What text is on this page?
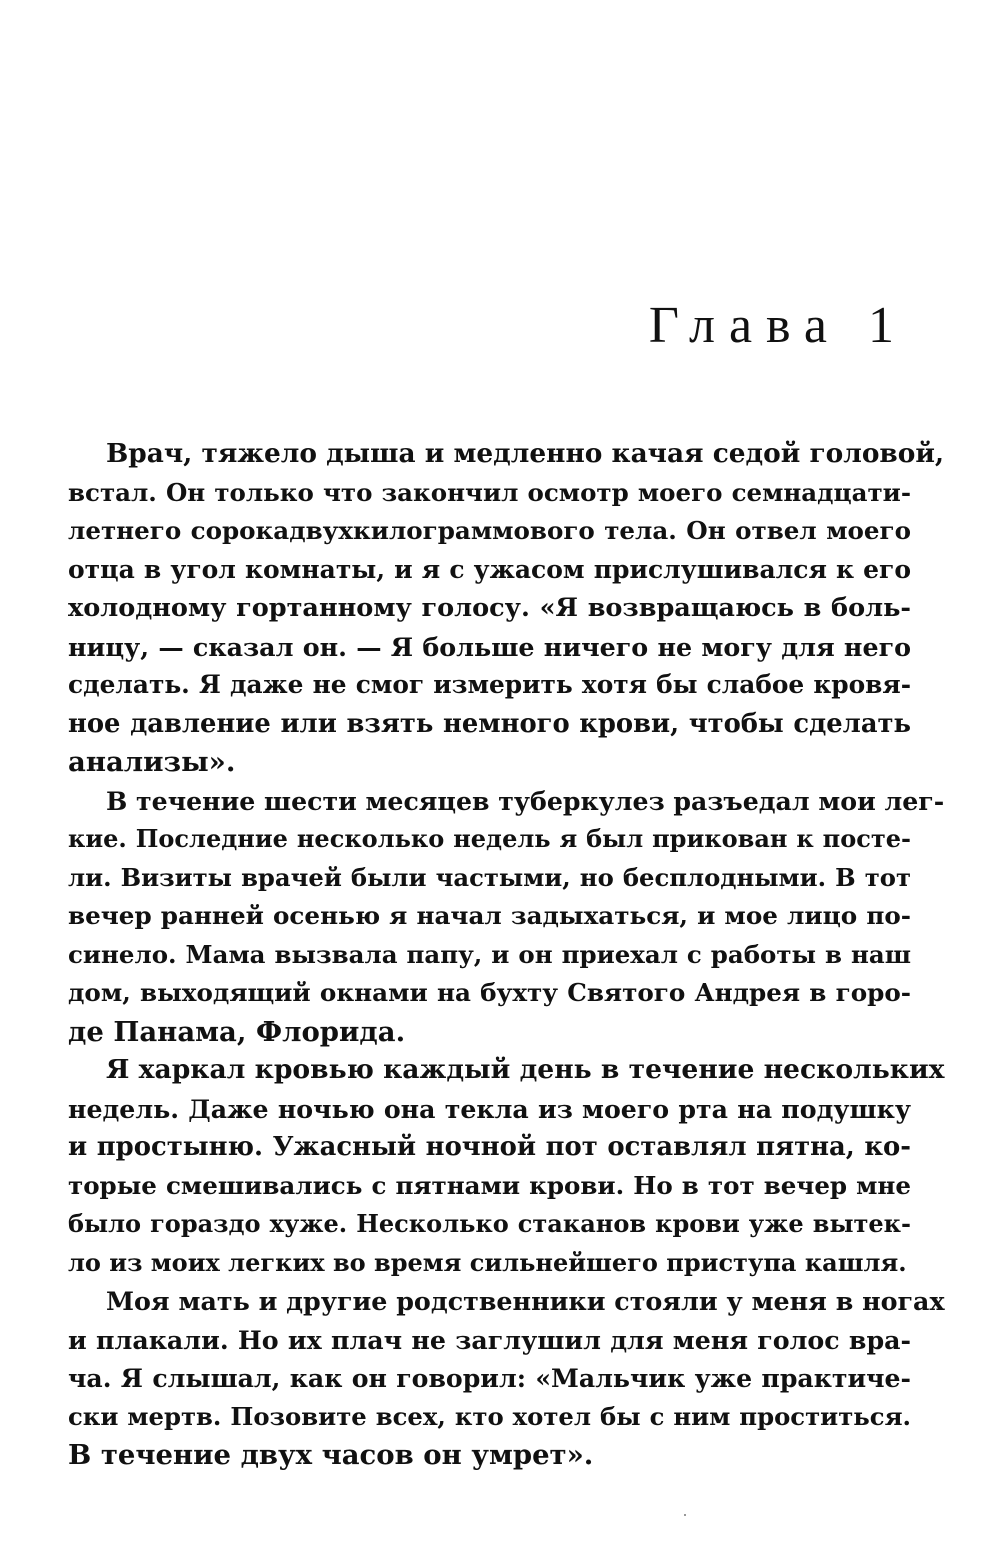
Глава 1
Врач, тяжело дыша и медленно качая седой головой,
встал. Он только что закончил осмотр моего семнадцати-
летнего сорокадвухкилограммового тела. Он отвел моего
отца в угол комнаты, и я с ужасом прислушивался к его
холодному гортанному голосу. «Я возвращаюсь в боль-
ницу, — сказал он. — Я больше ничего не могу для него
сделать. Я даже не смог измерить хотя бы слабое кровя-
ное давление или взять немного крови, чтобы сделать
анализы».
В течение шести месяцев туберкулез разъедал мои лег-
кие. Последние несколько недель я был прикован к посте-
ли. Визиты врачей были частыми, но бесплодными. В тот
вечер ранней осенью я начал задыхаться, и мое лицо по-
синело. Мама вызвала папу, и он приехал с работы в наш
дом, выходящий окнами на бухту Святого Андрея в горо-
де Панама, Флорида.
Я харкал кровью каждый день в течение нескольких
недель. Даже ночью она текла из моего рта на подушку
и простыню. Ужасный ночной пот оставлял пятна, ко-
торые смешивались с пятнами крови. Но в тот вечер мне
было гораздо хуже. Несколько стаканов крови уже вытек-
ло из моих легких во время сильнейшего приступа кашля.
Моя мать и другие родственники стояли у меня в ногах
и плакали. Но их плач не заглушил для меня голос вра-
ча. Я слышал, как он говорил: «Мальчик уже практиче-
ски мертв. Позовите всех, кто хотел бы с ним проститься.
В течение двух часов он умрет».
